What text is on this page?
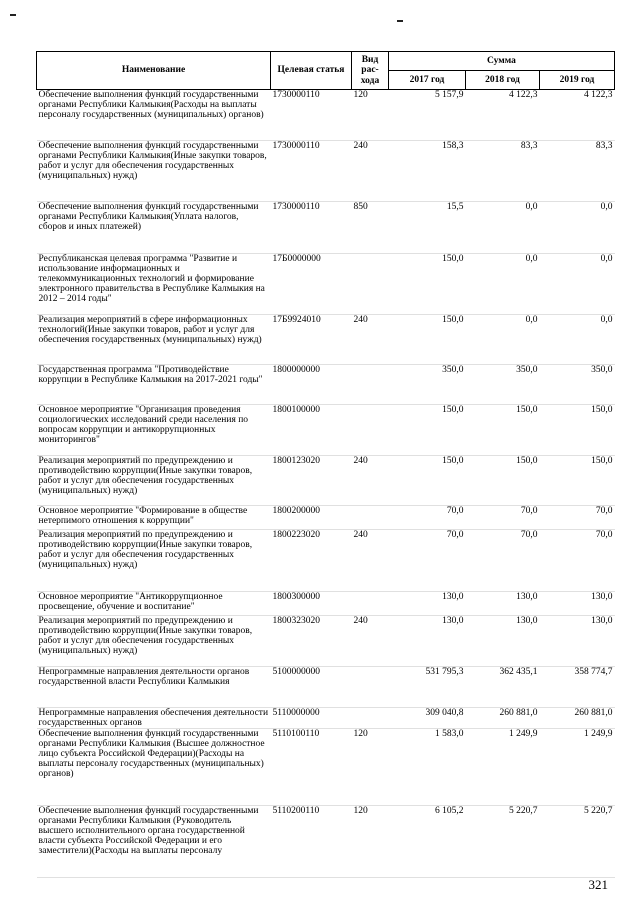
Наименование	Целевая статья	Вид рас-хода	Сумма		
			2017 год	2018 год	2019 год
Обеспечение выполнения функций государственными органами Республики Калмыкия(Расходы на выплаты персоналу государственных (муниципальных) органов)	1730000110	120	5 157,9	4 122,3	4 122,3
Обеспечение выполнения функций государственными органами Республики Калмыкия(Иные закупки товаров, работ и услуг для обеспечения государственных (муниципальных) нужд)	1730000110	240	158,3	83,3	83,3
Обеспечение выполнения функций государственными органами Республики Калмыкия(Уплата налогов, сборов и иных платежей)	1730000110	850	15,5	0,0	0,0
Республиканская целевая программа "Развитие и использование информационных и телекоммуникационных технологий и формирование электронного правительства в Республике Калмыкия на 2012 – 2014 годы"	17Б0000000		150,0	0,0	0,0
Реализация мероприятий в сфере информационных технологий(Иные закупки товаров, работ и услуг для обеспечения государственных (муниципальных) нужд)	17Б9924010	240	150,0	0,0	0,0
Государственная программа "Противодействие коррупции в Республике Калмыкия на 2017-2021 годы"	1800000000		350,0	350,0	350,0
Основное мероприятие "Организация проведения социологических исследований среди населения по вопросам коррупции и антикоррупционных мониторингов"	1800100000		150,0	150,0	150,0
Реализация мероприятий по предупреждению и противодействию коррупции(Иные закупки товаров, работ и услуг для обеспечения государственных (муниципальных) нужд)	1800123020	240	150,0	150,0	150,0
Основное мероприятие "Формирование в обществе нетерпимого отношения к коррупции"	1800200000		70,0	70,0	70,0
Реализация мероприятий по предупреждению и противодействию коррупции(Иные закупки товаров, работ и услуг для обеспечения государственных (муниципальных) нужд)	1800223020	240	70,0	70,0	70,0
Основное мероприятие "Антикоррупционное просвещение, обучение и воспитание"	1800300000		130,0	130,0	130,0
Реализация мероприятий по предупреждению и противодействию коррупции(Иные закупки товаров, работ и услуг для обеспечения государственных (муниципальных) нужд)	1800323020	240	130,0	130,0	130,0
Непрограммные направления деятельности органов государственной власти Республики Калмыкия	5100000000		531 795,3	362 435,1	358 774,7
Непрограммные направления обеспечения деятельности государственных органов	5110000000		309 040,8	260 881,0	260 881,0
Обеспечение выполнения функций государственными органами Республики Калмыкия (Высшее должностное лицо субъекта Российской Федерации)(Расходы на выплаты персоналу государственных (муниципальных) органов)	5110100110	120	1 583,0	1 249,9	1 249,9
Обеспечение выполнения функций государственными органами Республики Калмыкия (Руководитель высшего исполнительного органа государственной власти субъекта Российской Федерации и его заместители)(Расходы на выплаты персоналу	5110200110	120	6 105,2	5 220,7	5 220,7
321
